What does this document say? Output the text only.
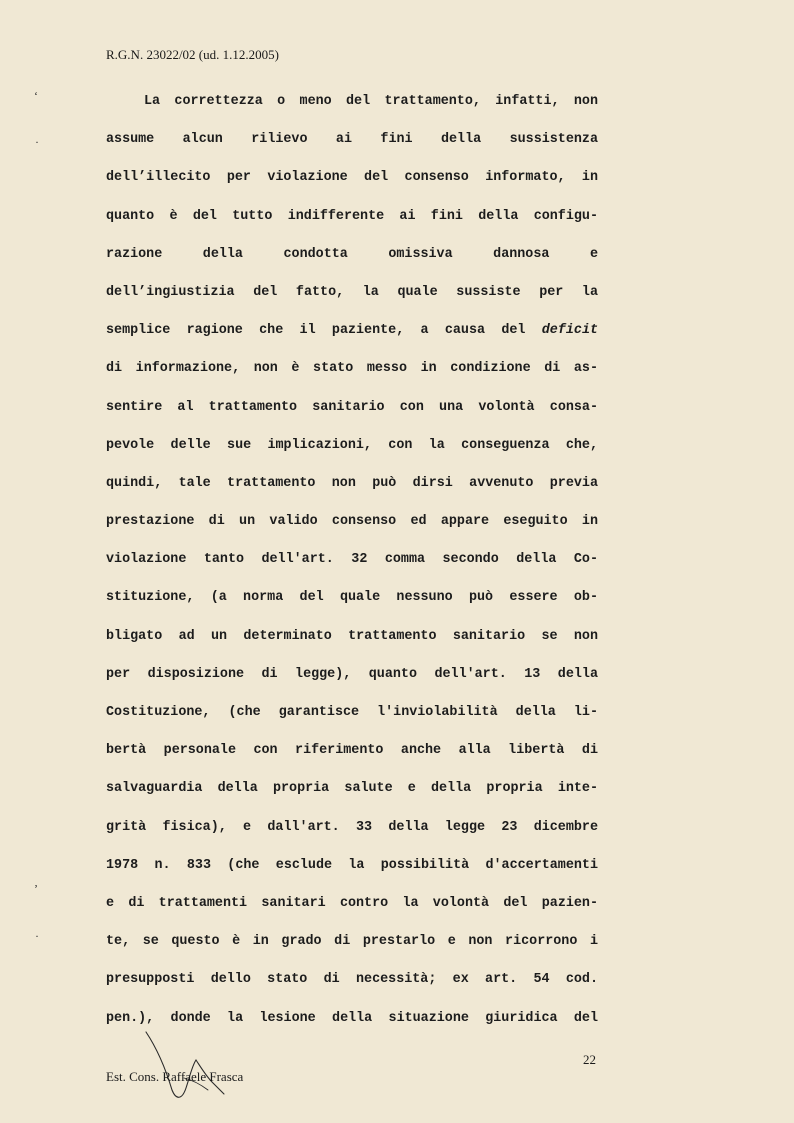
R.G.N. 23022/02 (ud. 1.12.2005)
ʻ
·
ʼ
·
La correttezza o meno del trattamento, infatti, non
assume alcun rilievo ai fini della sussistenza
dell’illecito per violazione del consenso informato, in
quanto è del tutto indifferente ai fini della configu-
razione della condotta omissiva dannosa e
dell’ingiustizia del fatto, la quale sussiste per la
semplice ragione che il paziente, a causa del deficit
di informazione, non è stato messo in condizione di as-
sentire al trattamento sanitario con una volontà consa-
pevole delle sue implicazioni, con la conseguenza che,
quindi, tale trattamento non può dirsi avvenuto previa
prestazione di un valido consenso ed appare eseguito in
violazione tanto dell'art. 32 comma secondo della Co-
stituzione, (a norma del quale nessuno può essere ob-
bligato ad un determinato trattamento sanitario se non
per disposizione di legge), quanto dell'art. 13 della
Costituzione, (che garantisce l'inviolabilità della li-
bertà personale con riferimento anche alla libertà di
salvaguardia della propria salute e della propria inte-
grità fisica), e dall'art. 33 della legge 23 dicembre
1978 n. 833 (che esclude la possibilità d'accertamenti
e di trattamenti sanitari contro la volontà del pazien-
te, se questo è in grado di prestarlo e non ricorrono i
presupposti dello stato di necessità; ex art. 54 cod.
pen.), donde la lesione della situazione giuridica del
22
Est. Cons. Raffaele Frasca
